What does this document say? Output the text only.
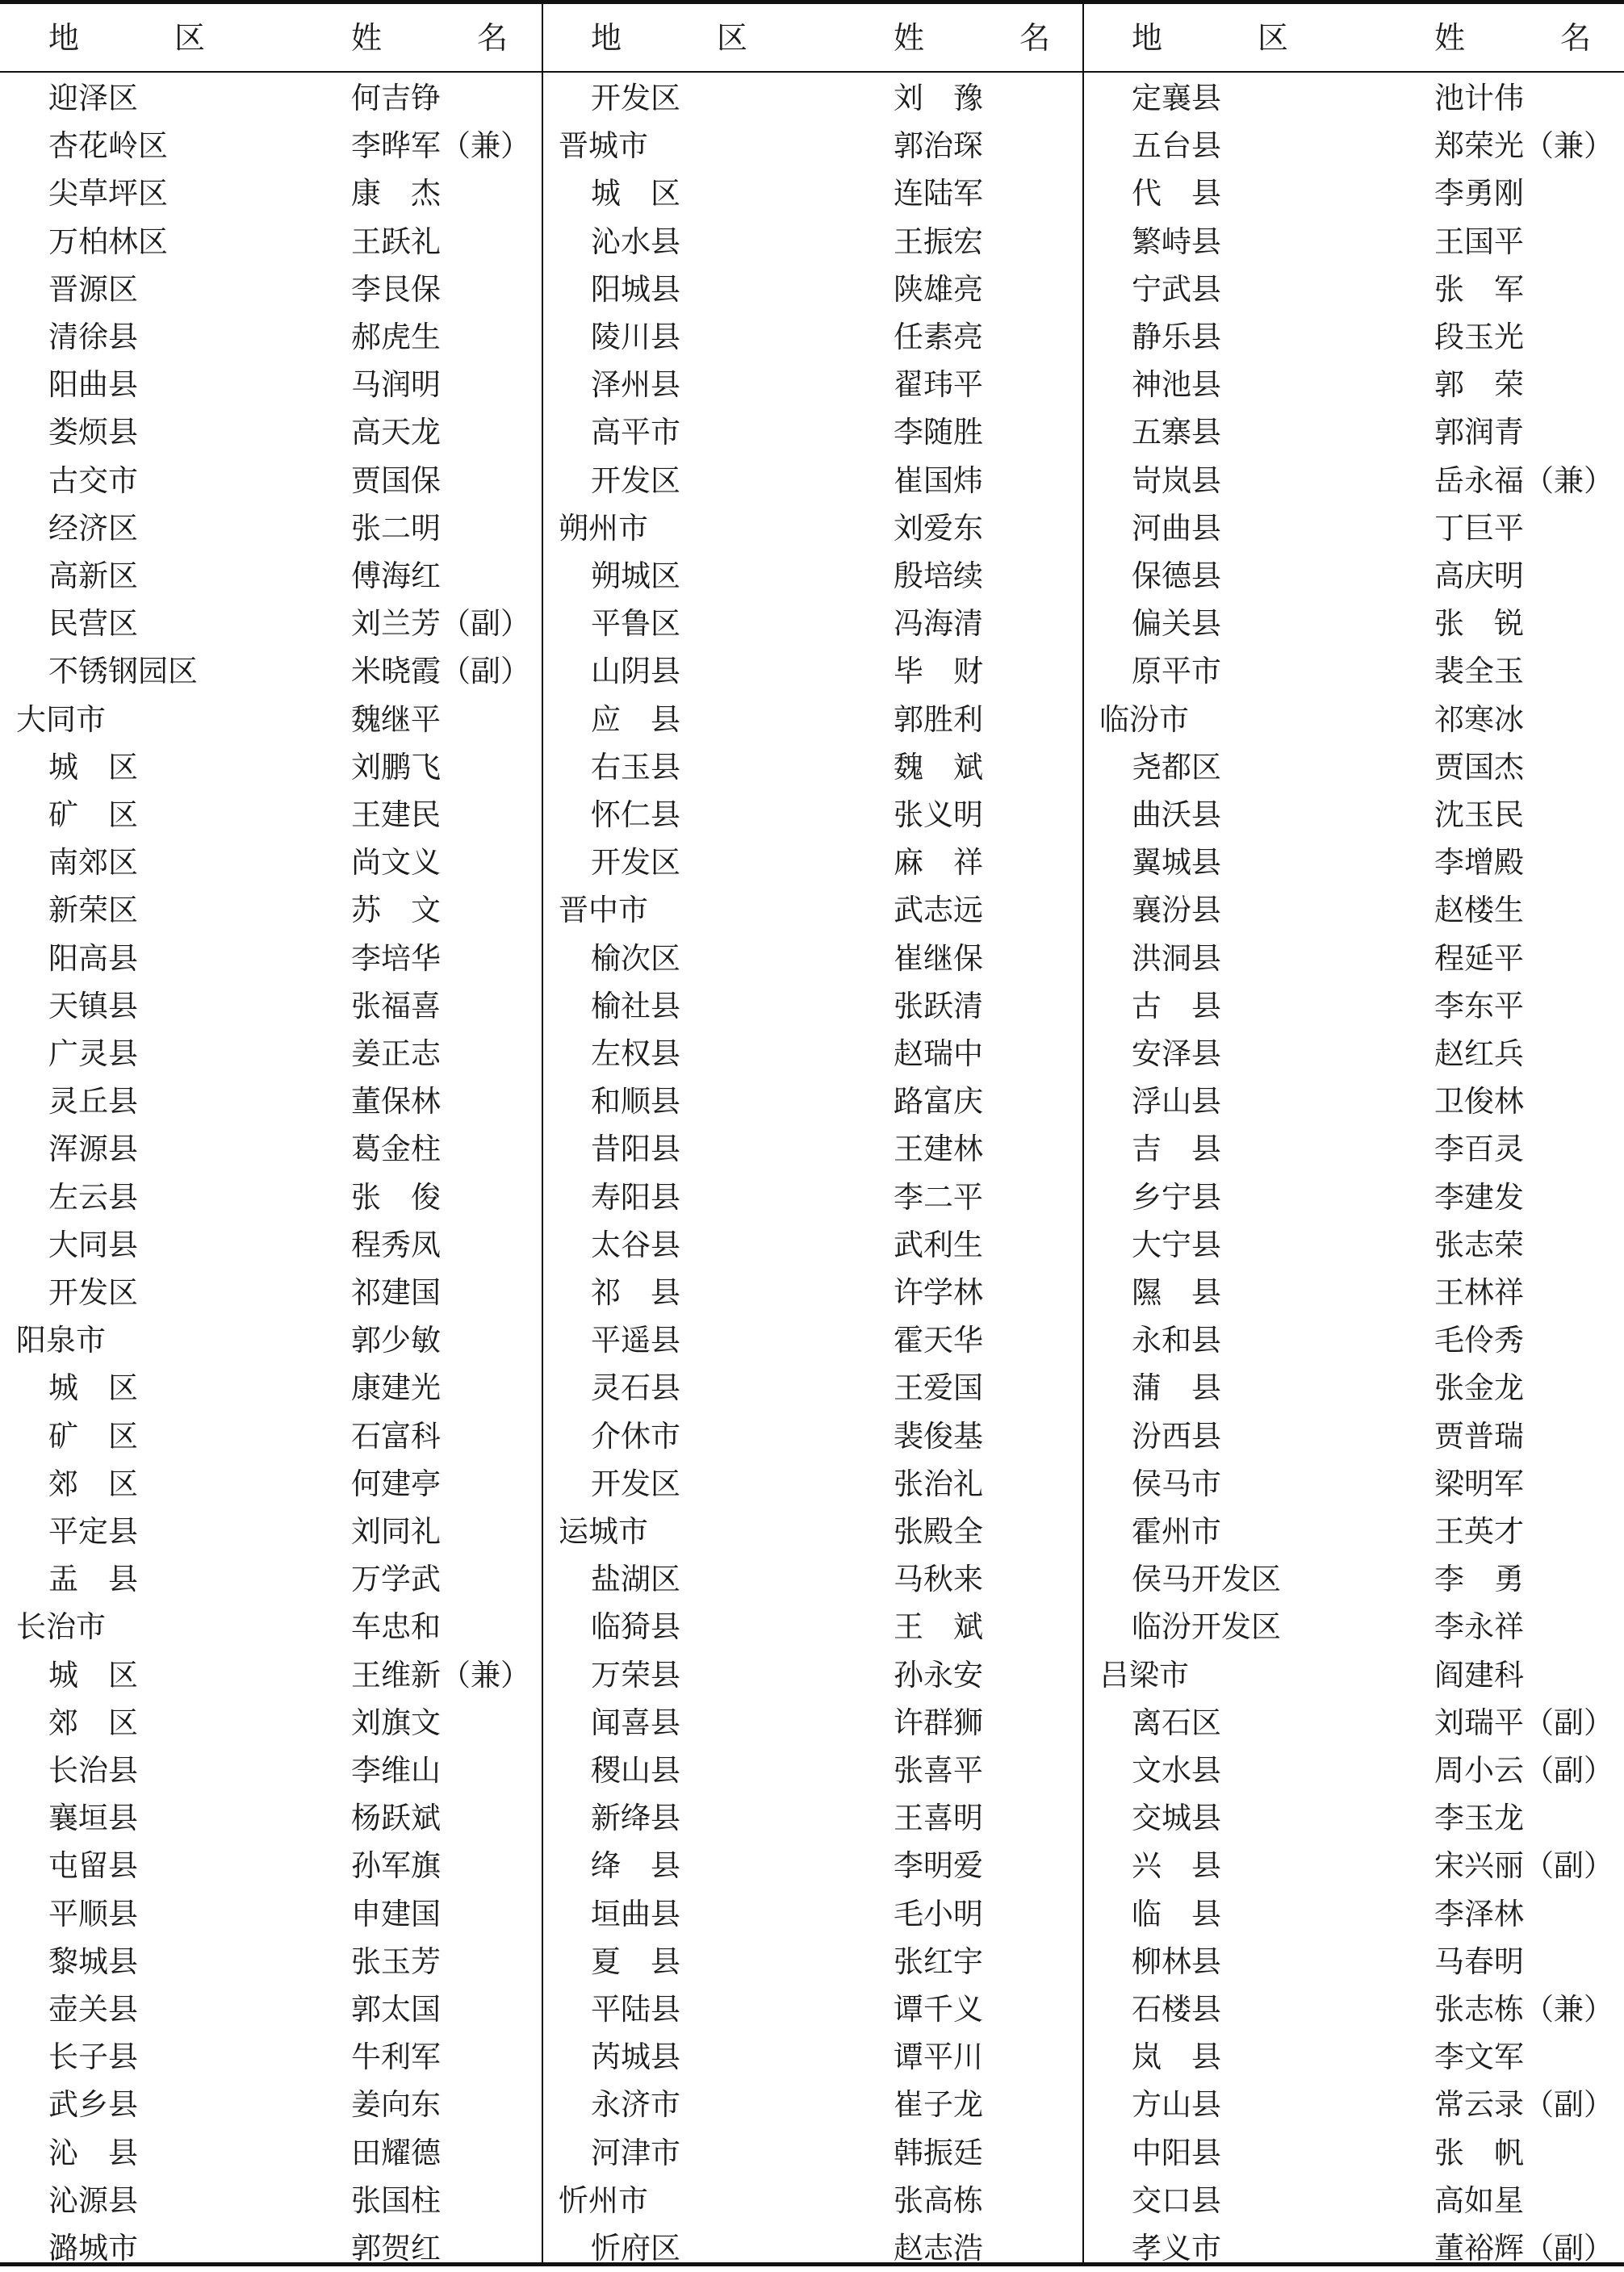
地　区	姓　名
迎泽区	何吉铮
杏花岭区	李晔军（兼）
尖草坪区	康　杰
万柏林区	王跃礼
晋源区	李艮保
清徐县	郝虎生
阳曲县	马润明
娄烦县	高天龙
古交市	贾国保
经济区	张二明
高新区	傅海红
民营区	刘兰芳（副）
不锈钢园区	米晓霞（副）
大同市	魏继平
城　区	刘鹏飞
矿　区	王建民
南郊区	尚文义
新荣区	苏　文
阳高县	李培华
天镇县	张福喜
广灵县	姜正志
灵丘县	董保林
浑源县	葛金柱
左云县	张　俊
大同县	程秀凤
开发区	祁建国
阳泉市	郭少敏
城　区	康建光
矿　区	石富科
郊　区	何建亭
平定县	刘同礼
盂　县	万学武
长治市	车忠和
城　区	王维新（兼）
郊　区	刘旗文
长治县	李维山
襄垣县	杨跃斌
屯留县	孙军旗
平顺县	申建国
黎城县	张玉芳
壶关县	郭太国
长子县	牛利军
武乡县	姜向东
沁　县	田耀德
沁源县	张国柱
潞城市	郭贺红
地　区	姓　名
开发区	刘　豫
晋城市	郭治琛
城　区	连陆军
沁水县	王振宏
阳城县	陕雄亮
陵川县	任素亮
泽州县	翟玮平
高平市	李随胜
开发区	崔国炜
朔州市	刘爱东
朔城区	殷培续
平鲁区	冯海清
山阴县	毕　财
应　县	郭胜利
右玉县	魏　斌
怀仁县	张义明
开发区	麻　祥
晋中市	武志远
榆次区	崔继保
榆社县	张跃清
左权县	赵瑞中
和顺县	路富庆
昔阳县	王建林
寿阳县	李二平
太谷县	武利生
祁　县	许学林
平遥县	霍天华
灵石县	王爱国
介休市	裴俊基
开发区	张治礼
运城市	张殿全
盐湖区	马秋来
临猗县	王　斌
万荣县	孙永安
闻喜县	许群狮
稷山县	张喜平
新绛县	王喜明
绛　县	李明爱
垣曲县	毛小明
夏　县	张红宇
平陆县	谭千义
芮城县	谭平川
永济市	崔子龙
河津市	韩振廷
忻州市	张高栋
忻府区	赵志浩
地　区	姓　名
定襄县	池计伟
五台县	郑荣光（兼）
代　县	李勇刚
繁峙县	王国平
宁武县	张　军
静乐县	段玉光
神池县	郭　荣
五寨县	郭润青
岢岚县	岳永福（兼）
河曲县	丁巨平
保德县	高庆明
偏关县	张　锐
原平市	裴全玉
临汾市	祁寒冰
尧都区	贾国杰
曲沃县	沈玉民
翼城县	李增殿
襄汾县	赵楼生
洪洞县	程延平
古　县	李东平
安泽县	赵红兵
浮山县	卫俊林
吉　县	李百灵
乡宁县	李建发
大宁县	张志荣
隰　县	王林祥
永和县	毛伶秀
蒲　县	张金龙
汾西县	贾普瑞
侯马市	梁明军
霍州市	王英才
侯马开发区	李　勇
临汾开发区	李永祥
吕梁市	阎建科
离石区	刘瑞平（副）
文水县	周小云（副）
交城县	李玉龙
兴　县	宋兴丽（副）
临　县	李泽林
柳林县	马春明
石楼县	张志栋（兼）
岚　县	李文军
方山县	常云录（副）
中阳县	张　帆
交口县	高如星
孝义市	董裕辉（副）
